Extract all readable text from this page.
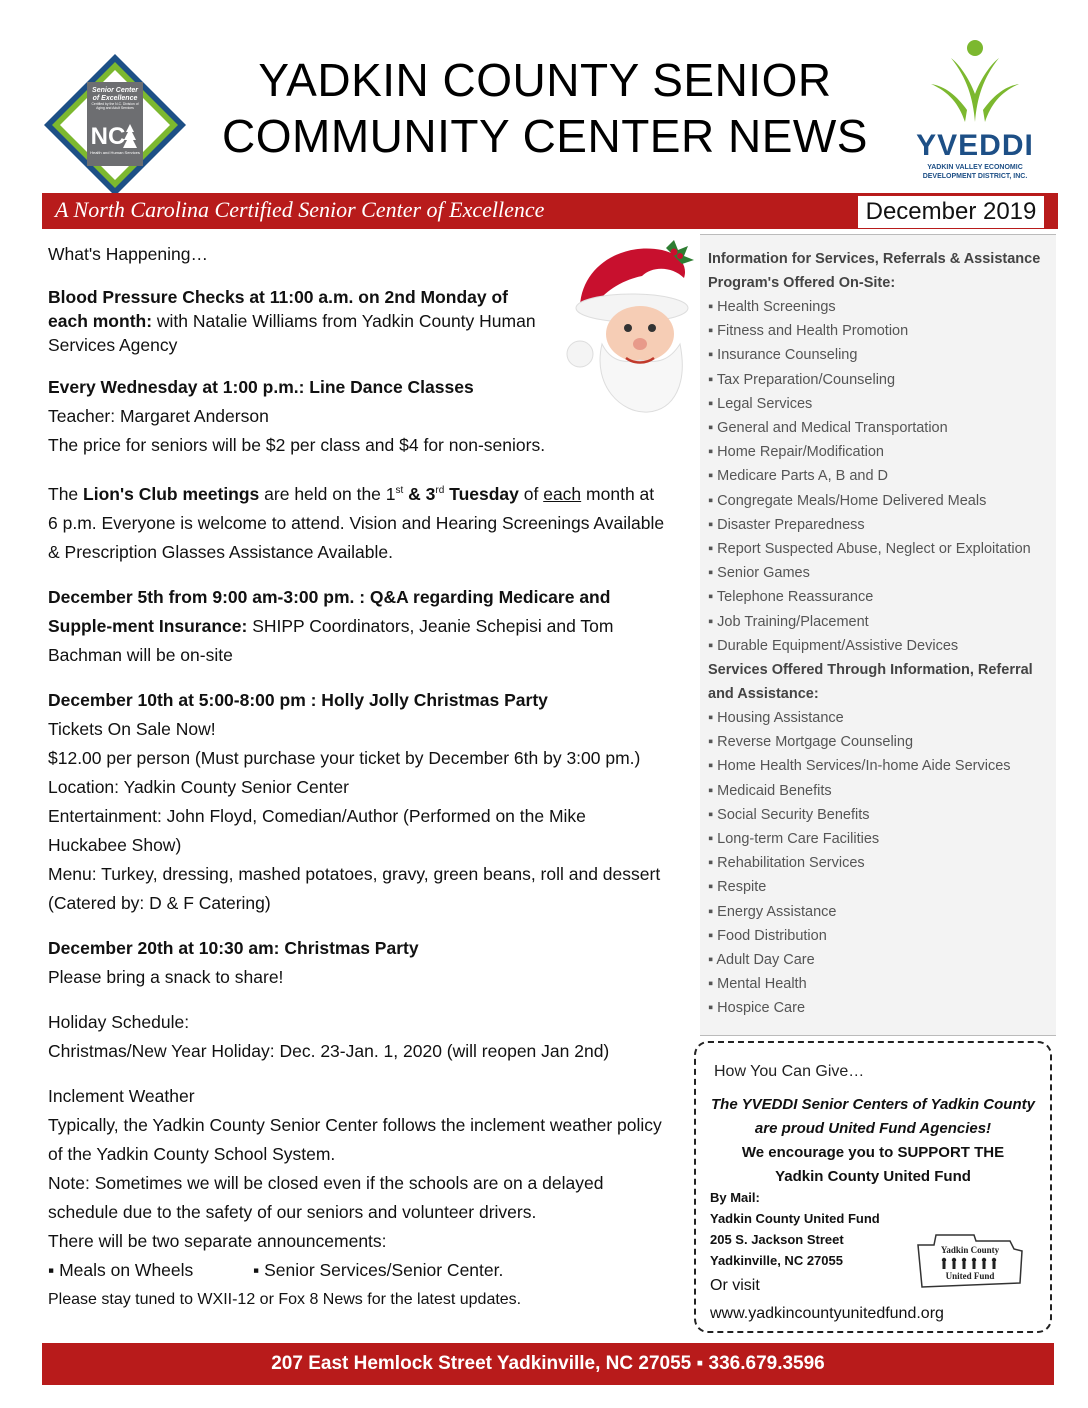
Senior Center
of Excellence
Certified by the N.C. Division of Aging and Adult Services
NC
Health and Human Services
YADKIN COUNTY SENIOR
COMMUNITY CENTER NEWS	YVEDDI
YADKIN VALLEY ECONOMIC
DEVELOPMENT DISTRICT, INC.
A North Carolina Certified Senior Center of Excellence	December 2019

What's Happening…

Blood Pressure Checks at 11:00 a.m. on 2nd Monday of each month: with Natalie Williams from Yadkin County Human Services Agency

Every Wednesday at 1:00 p.m.: Line Dance Classes

Teacher: Margaret Anderson

The price for seniors will be $2 per class and $4 for non-seniors.

The Lion's Club meetings are held on the 1st & 3rd Tuesday of each month at 6 p.m. Everyone is welcome to attend. Vision and Hearing Screenings Available & Prescription Glasses Assistance Available.

December 5th from 9:00 am-3:00 pm. : Q&A regarding Medicare and Supple-ment Insurance: SHIPP Coordinators, Jeanie Schepisi and Tom Bachman will be on-site

December 10th at 5:00-8:00 pm : Holly Jolly Christmas Party

Tickets On Sale Now!

$12.00 per person (Must purchase your ticket by December 6th by 3:00 pm.)

Location: Yadkin County Senior Center

Entertainment: John Floyd, Comedian/Author (Performed on the Mike Huckabee Show)

Menu: Turkey, dressing, mashed potatoes, gravy, green beans, roll and dessert (Catered by: D & F Catering)

December 20th at 10:30 am: Christmas Party

Please bring a snack to share!

Holiday Schedule:

Christmas/New Year Holiday: Dec. 23-Jan. 1, 2020 (will reopen Jan 2nd)

Inclement Weather

Typically, the Yadkin County Senior Center follows the inclement weather policy of the Yadkin County School System.

Note: Sometimes we will be closed even if the schools are on a delayed schedule due to the safety of our seniors and volunteer drivers.

There will be two separate announcements:

▪ Meals on Wheels	▪ Senior Services/Senior Center.

Please stay tuned to WXII-12 or Fox 8 News for the latest updates.

Information for Services, Referrals & Assistance
Program's Offered On-Site:
▪ Health Screenings
▪ Fitness and Health Promotion
▪ Insurance Counseling
▪ Tax Preparation/Counseling
▪ Legal Services
▪ General and Medical Transportation
▪ Home Repair/Modification
▪ Medicare Parts A, B and D
▪ Congregate Meals/Home Delivered Meals
▪ Disaster Preparedness
▪ Report Suspected Abuse, Neglect or Exploitation
▪ Senior Games
▪ Telephone Reassurance
▪ Job Training/Placement
▪ Durable Equipment/Assistive Devices
Services Offered Through Information, Referral and Assistance:
▪ Housing Assistance
▪ Reverse Mortgage Counseling
▪ Home Health Services/In-home Aide Services
▪ Medicaid Benefits
▪ Social Security Benefits
▪ Long-term Care Facilities
▪ Rehabilitation Services
▪ Respite
▪ Energy Assistance
▪ Food Distribution
▪ Adult Day Care
▪ Mental Health
▪ Hospice Care
How You Can Give…
The YVEDDI Senior Centers of Yadkin County
are proud United Fund Agencies!
We encourage you to SUPPORT THE
Yadkin County United Fund
By Mail:
Yadkin County United Fund
205 S. Jackson Street
Yadkinville, NC 27055
Or visit
www.yadkincountyunitedfund.org
Yadkin County
United Fund
207 East Hemlock Street Yadkinville, NC 27055 ▪ 336.679.3596
